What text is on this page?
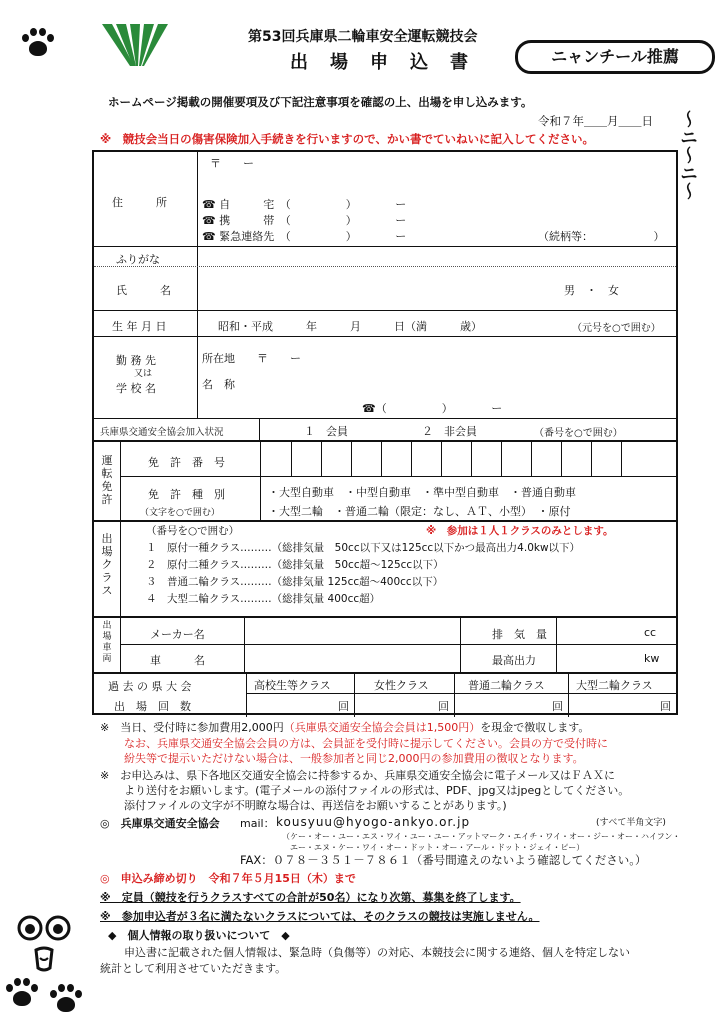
第53回兵庫県二輪車安全運転競技会
出　場　申　込　書	ニャンチール推薦
〜ニ〜ニ〜
ホームページ掲載の開催要項及び下記注意事項を確認の上、出場を申し込みます。
令和７年＿＿月＿＿日
※　競技会当日の傷害保険加入手続きを行いますので、かい書でていねいに記入してください。
住　　　所
〒　　ー
☎ 自　　　宅　（　　　　　）　　　　ー
☎ 携　　　帯　（　　　　　）　　　　ー
☎ 緊急連絡先　（　　　　　）　　　　ー	（続柄等：　　　　　　）
ふりがな
氏　　　名	男　・　女
生 年 月 日	昭和・平成　　　年　　　月　　　日（満　　　歳）	（元号を○で囲む）
勤 務 先
又は
学 校 名
所在地　　〒　　ー
名　称
☎（　　　　　）　　　　ー
兵庫県交通安全協会加入状況	１　会員	２　非会員	（番号を○で囲む）
運
転
免
許
免　許　番　号
免　許　種　別
（文字を○で囲む）
・大型自動車　・中型自動車　・準中型自動車　・普通自動車
・大型二輪　・普通二輪（限定：なし、ＡＴ、小型）　・原付
出
場
ク
ラ
ス
（番号を○で囲む）	※　参加は１人１クラスのみとします。
１　原付一種クラス………（総排気量　50cc以下又は125cc以下かつ最高出力4.0kw以下）
２　原付二種クラス………（総排気量　50cc超〜125cc以下）
３　普通二輪クラス………（総排気量 125cc超〜400cc以下）
４　大型二輪クラス………（総排気量 400cc超）
出
場
車
両
メーカー名	排　気　量	cc
車　　　名	最高出力	kw
過 去 の 県 大 会
出　場　回　数
高校生等クラス	女性クラス	普通二輪クラス	大型二輪クラス
回	回	回	回
※　当日、受付時に参加費用2,000円（兵庫県交通安全協会会員は1,500円）を現金で徴収します。
なお、兵庫県交通安全協会会員の方は、会員証を受付時に提示してください。会員の方で受付時に
紛失等で提示いただけない場合は、一般参加者と同じ2,000円の参加費用の徴収となります。
※　お申込みは、県下各地区交通安全協会に持参するか、兵庫県交通安全協会に電子メール又はＦＡＸに
より送付をお願いします。(電子メールの添付ファイルの形式は、PDF、jpg又はjpegとしてください。
添付ファイルの文字が不明瞭な場合は、再送信をお願いすることがあります。)
◎　兵庫県交通安全協会 mail： kousyuu@hyogo-ankyo.or.jp	(すべて半角文字)
（ケー・オー・ユー・エス・ワイ・ユー・ユー・アットマーク・エイチ・ワイ・オー・ジー・オー・ハイフン・
エー・エヌ・ケー・ワイ・オー・ドット・オー・アール・ドット・ジェイ・ピー）
FAX：０７８－３５１－７８６１（番号間違えのないよう確認してください。）
◎　申込み締め切り　令和７年５月15日（木）まで
※　定員（競技を行うクラスすべての合計が50名）になり次第、募集を終了します。
※　参加申込者が３名に満たないクラスについては、そのクラスの競技は実施しません。
◆　個人情報の取り扱いについて　◆
申込書に記載された個人情報は、緊急時（負傷等）の対応、本競技会に関する連絡、個人を特定しない
統計として利用させていただきます。
